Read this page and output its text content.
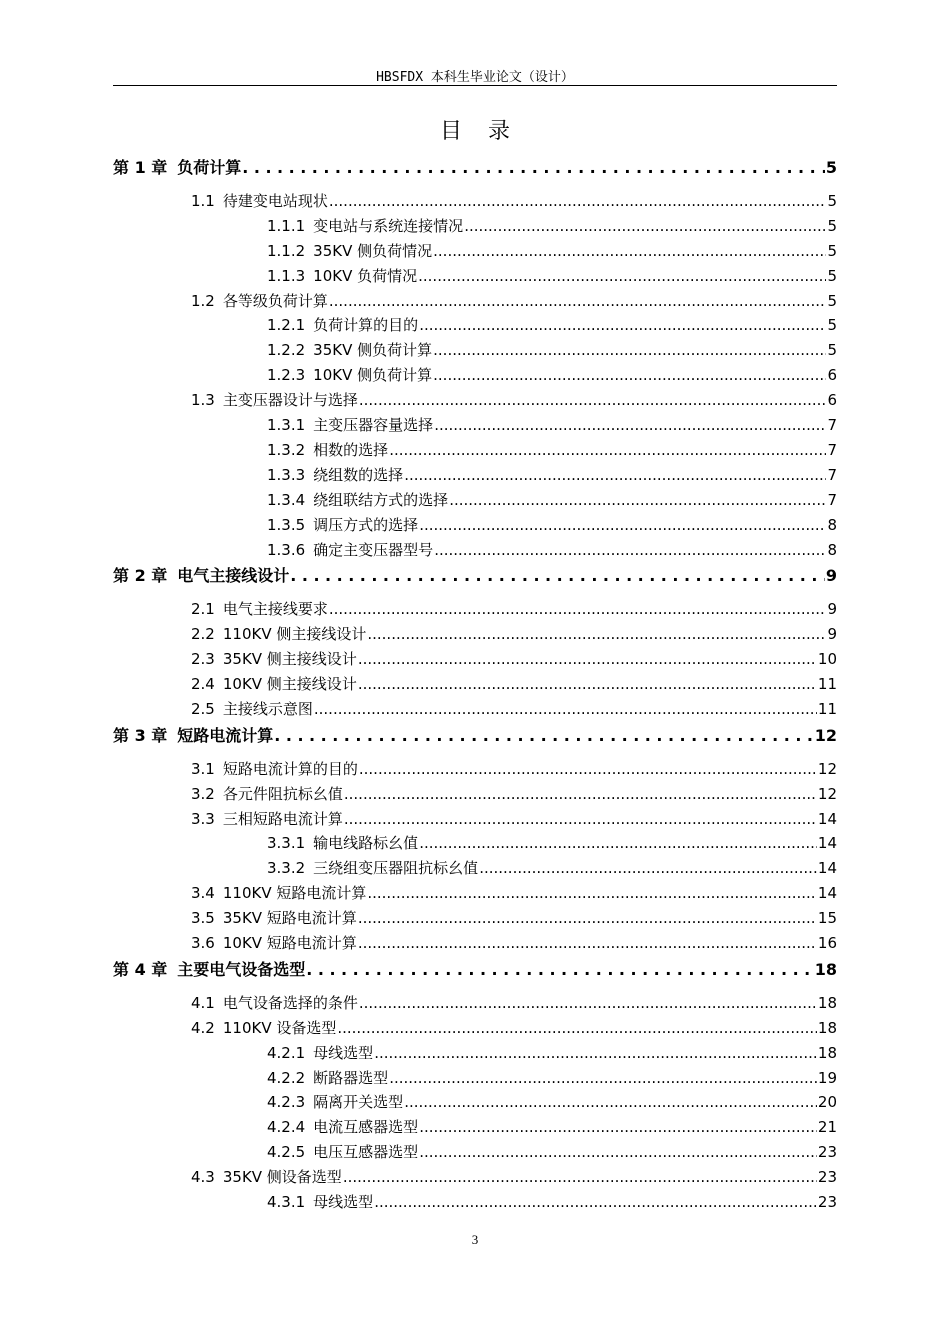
HBSFDX 本科生毕业论文（设计）
目录
第 1 章 负荷计算 .....	5
1.1 待建变电站现状 .....	5
1.1.1 变电站与系统连接情况 .....	5
1.1.2 35KV 侧负荷情况 .....	5
1.1.3 10KV 负荷情况 .....	5
1.2 各等级负荷计算 .....	5
1.2.1 负荷计算的目的 .....	5
1.2.2 35KV 侧负荷计算 .....	5
1.2.3 10KV 侧负荷计算 .....	6
1.3 主变压器设计与选择 .....	6
1.3.1 主变压器容量选择 .....	7
1.3.2 相数的选择 .....	7
1.3.3 绕组数的选择 .....	7
1.3.4 绕组联结方式的选择 .....	7
1.3.5 调压方式的选择 .....	8
1.3.6 确定主变压器型号 .....	8
第 2 章 电气主接线设计 .....	9
2.1 电气主接线要求 .....	9
2.2 110KV 侧主接线设计 .....	9
2.3 35KV 侧主接线设计 .....	10
2.4 10KV 侧主接线设计 .....	11
2.5 主接线示意图 .....	11
第 3 章 短路电流计算 .....	12
3.1 短路电流计算的目的 .....	12
3.2 各元件阻抗标幺值 .....	12
3.3 三相短路电流计算 .....	14
3.3.1 输电线路标幺值 .....	14
3.3.2 三绕组变压器阻抗标幺值 .....	14
3.4 110KV 短路电流计算 .....	14
3.5 35KV 短路电流计算 .....	15
3.6 10KV 短路电流计算 .....	16
第 4 章 主要电气设备选型 .....	18
4.1 电气设备选择的条件 .....	18
4.2 110KV 设备选型 .....	18
4.2.1 母线选型 .....	18
4.2.2 断路器选型 .....	19
4.2.3 隔离开关选型 .....	20
4.2.4 电流互感器选型 .....	21
4.2.5 电压互感器选型 .....	23
4.3 35KV 侧设备选型 .....	23
4.3.1 母线选型 .....	23
3
